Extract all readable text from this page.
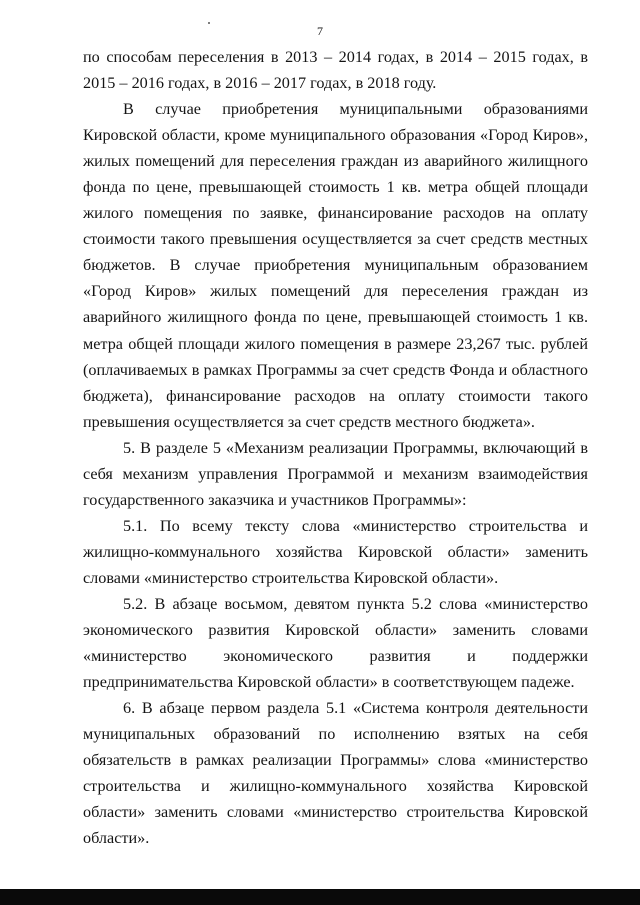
7

по способам переселения в 2013 – 2014 годах, в 2014 – 2015 годах, в 2015 – 2016 годах, в 2016 – 2017 годах, в 2018 году.

В случае приобретения муниципальными образованиями Кировской области, кроме муниципального образования «Город Киров», жилых помещений для переселения граждан из аварийного жилищного фонда по цене, превышающей стоимость 1 кв. метра общей площади жилого помещения по заявке, финансирование расходов на оплату стоимости такого превышения осуществляется за счет средств местных бюджетов. В случае приобретения муниципальным образованием «Город Киров» жилых помещений для переселения граждан из аварийного жилищного фонда по цене, превышающей стоимость 1 кв. метра общей площади жилого помещения в размере 23,267 тыс. рублей (оплачиваемых в рамках Программы за счет средств Фонда и областного бюджета), финансирование расходов на оплату стоимости такого превышения осуществляется за счет средств местного бюджета».

5. В разделе 5 «Механизм реализации Программы, включающий в себя механизм управления Программой и механизм взаимодействия государственного заказчика и участников Программы»:

5.1. По всему тексту слова «министерство строительства и жилищно-коммунального хозяйства Кировской области» заменить словами «министерство строительства Кировской области».

5.2. В абзаце восьмом, девятом пункта 5.2 слова «министерство экономического развития Кировской области» заменить словами «министерство экономического развития и поддержки предпринимательства Кировской области» в соответствующем падеже.

6. В абзаце первом раздела 5.1 «Система контроля деятельности муниципальных образований по исполнению взятых на себя обязательств в рамках реализации Программы» слова «министерство строительства и жилищно-коммунального хозяйства Кировской области» заменить словами «министерство строительства Кировской области».
